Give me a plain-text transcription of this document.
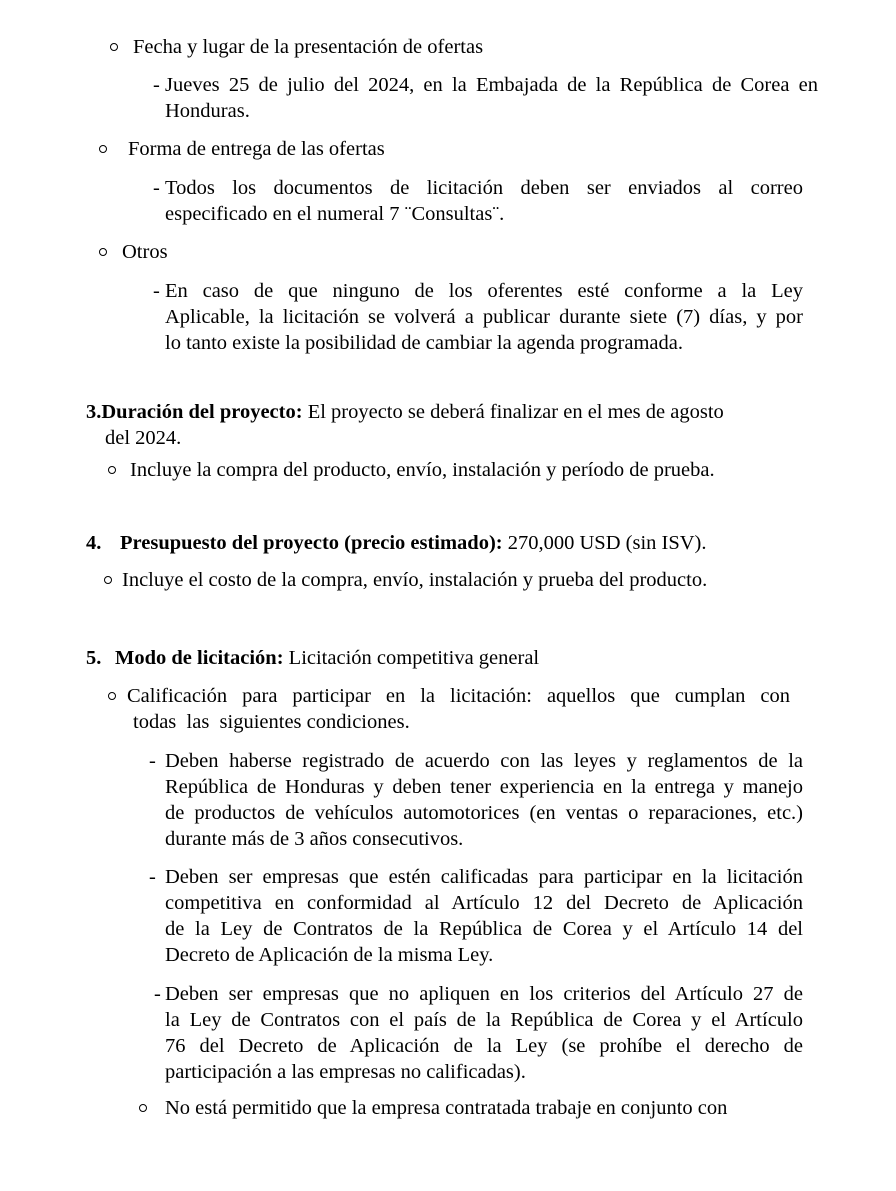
Fecha y lugar de la presentación de ofertas
- Jueves 25 de julio del 2024, en la Embajada de la República de Corea en
Honduras.
Forma de entrega de las ofertas
- Todos los documentos de licitación deben ser enviados al correo
especificado en el numeral 7 ¨Consultas¨.
Otros
- En caso de que ninguno de los oferentes esté conforme a la Ley
Aplicable, la licitación se volverá a publicar durante siete (7) días, y por
lo tanto existe la posibilidad de cambiar la agenda programada.
3.Duración del proyecto: El proyecto se deberá finalizar en el mes de agosto
del 2024.
Incluye la compra del producto, envío, instalación y período de prueba.
4. Presupuesto del proyecto (precio estimado): 270,000 USD (sin ISV).
Incluye el costo de la compra, envío, instalación y prueba del producto.
5. Modo de licitación: Licitación competitiva general
Calificación para participar en la licitación: aquellos que cumplan con
todas  las  siguientes condiciones.
- Deben haberse registrado de acuerdo con las leyes y reglamentos de la
República de Honduras y deben tener experiencia en la entrega y manejo
de productos de vehículos automotorices (en ventas o reparaciones, etc.)
durante más de 3 años consecutivos.
- Deben ser empresas que estén calificadas para participar en la licitación
competitiva en conformidad al Artículo 12 del Decreto de Aplicación
de la Ley de Contratos de la República de Corea y el Artículo 14 del
Decreto de Aplicación de la misma Ley.
- Deben ser empresas que no apliquen en los criterios del Artículo 27 de
la Ley de Contratos con el país de la República de Corea y el Artículo
76 del Decreto de Aplicación de la Ley (se prohíbe el derecho de
participación a las empresas no calificadas).
No está permitido que la empresa contratada trabaje en conjunto con
